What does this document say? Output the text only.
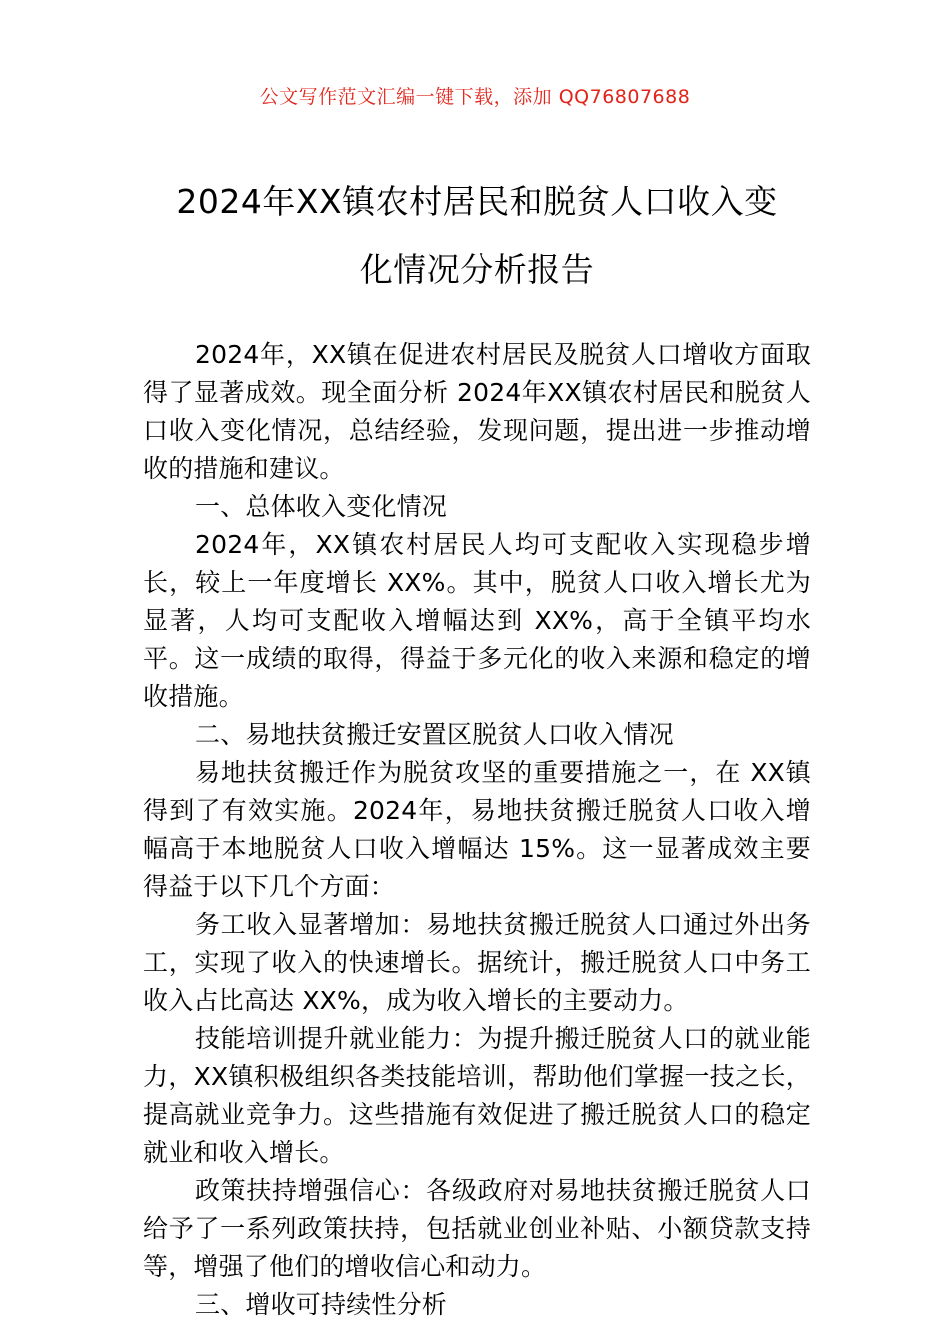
公文写作范文汇编一键下载，添加 QQ76807688
2024年XX镇农村居民和脱贫人口收入变
化情况分析报告

2024年，XX镇在促进农村居民及脱贫人口增收方面取得了显著成效。现全面分析 2024年XX镇农村居民和脱贫人口收入变化情况，总结经验，发现问题，提出进一步推动增收的措施和建议。

一、总体收入变化情况

2024年，XX镇农村居民人均可支配收入实现稳步增长，较上一年度增长 XX%。其中，脱贫人口收入增长尤为显著，人均可支配收入增幅达到 XX%，高于全镇平均水平。这一成绩的取得，得益于多元化的收入来源和稳定的增收措施。

二、易地扶贫搬迁安置区脱贫人口收入情况

易地扶贫搬迁作为脱贫攻坚的重要措施之一，在 XX镇得到了有效实施。2024年，易地扶贫搬迁脱贫人口收入增幅高于本地脱贫人口收入增幅达 15%。这一显著成效主要得益于以下几个方面：

务工收入显著增加：易地扶贫搬迁脱贫人口通过外出务工，实现了收入的快速增长。据统计，搬迁脱贫人口中务工收入占比高达 XX%，成为收入增长的主要动力。

技能培训提升就业能力：为提升搬迁脱贫人口的就业能力，XX镇积极组织各类技能培训，帮助他们掌握一技之长，提高就业竞争力。这些措施有效促进了搬迁脱贫人口的稳定就业和收入增长。

政策扶持增强信心：各级政府对易地扶贫搬迁脱贫人口给予了一系列政策扶持，包括就业创业补贴、小额贷款支持等，增强了他们的增收信心和动力。

三、增收可持续性分析
